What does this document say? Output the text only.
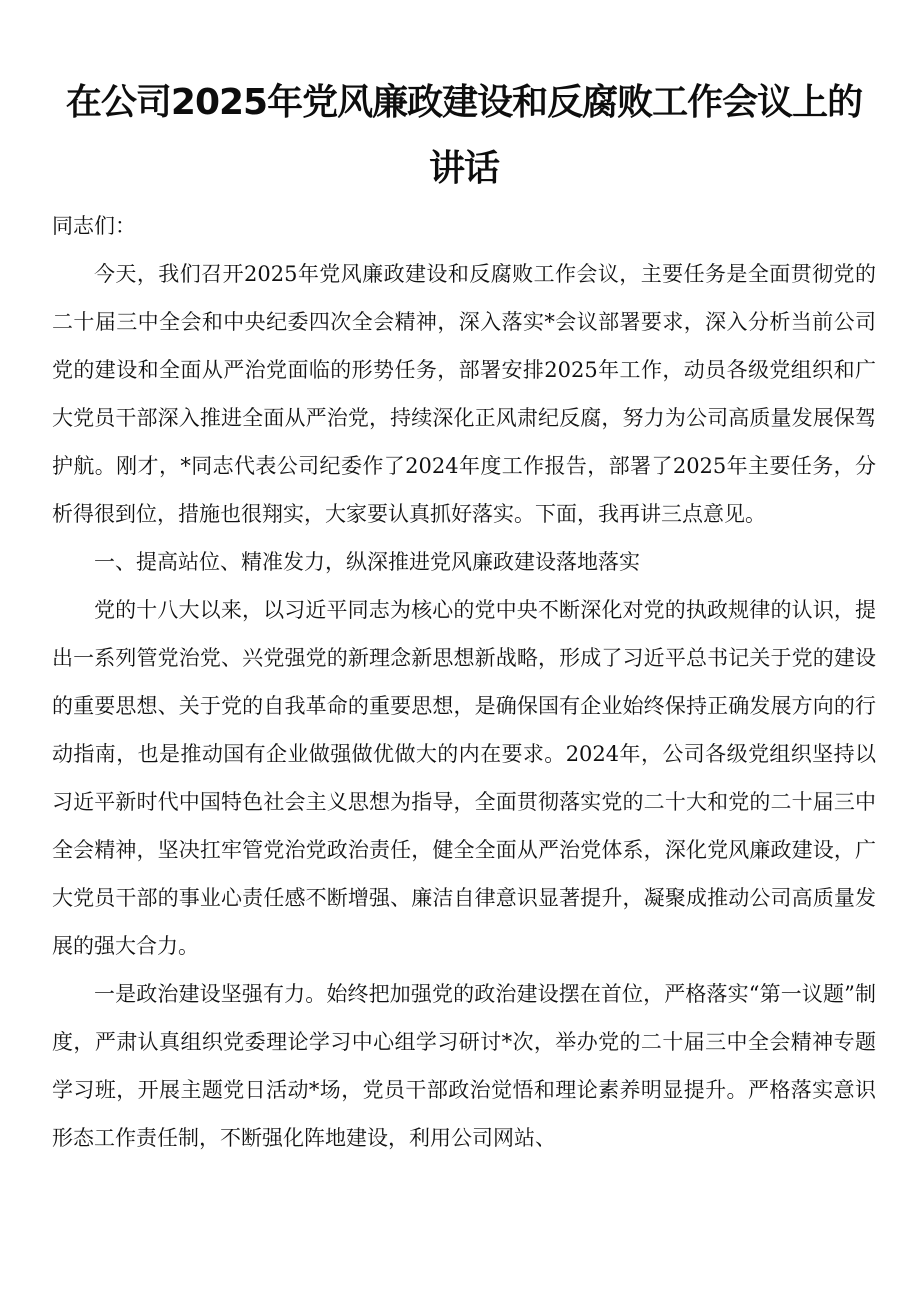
在公司2025年党风廉政建设和反腐败工作会议上的讲话

同志们：

今天，我们召开2025年党风廉政建设和反腐败工作会议，主要任务是全面贯彻党的二十届三中全会和中央纪委四次全会精神，深入落实*会议部署要求，深入分析当前公司党的建设和全面从严治党面临的形势任务，部署安排2025年工作，动员各级党组织和广大党员干部深入推进全面从严治党，持续深化正风肃纪反腐，努力为公司高质量发展保驾护航。刚才，*同志代表公司纪委作了2024年度工作报告，部署了2025年主要任务，分析得很到位，措施也很翔实，大家要认真抓好落实。下面，我再讲三点意见。

一、提高站位、精准发力，纵深推进党风廉政建设落地落实

党的十八大以来，以习近平同志为核心的党中央不断深化对党的执政规律的认识，提出一系列管党治党、兴党强党的新理念新思想新战略，形成了习近平总书记关于党的建设的重要思想、关于党的自我革命的重要思想，是确保国有企业始终保持正确发展方向的行动指南，也是推动国有企业做强做优做大的内在要求。2024年，公司各级党组织坚持以习近平新时代中国特色社会主义思想为指导，全面贯彻落实党的二十大和党的二十届三中全会精神，坚决扛牢管党治党政治责任，健全全面从严治党体系，深化党风廉政建设，广大党员干部的事业心责任感不断增强、廉洁自律意识显著提升，凝聚成推动公司高质量发展的强大合力。

一是政治建设坚强有力。始终把加强党的政治建设摆在首位，严格落实“第一议题”制度，严肃认真组织党委理论学习中心组学习研讨*次，举办党的二十届三中全会精神专题学习班，开展主题党日活动*场，党员干部政治觉悟和理论素养明显提升。严格落实意识形态工作责任制，不断强化阵地建设，利用公司网站、
